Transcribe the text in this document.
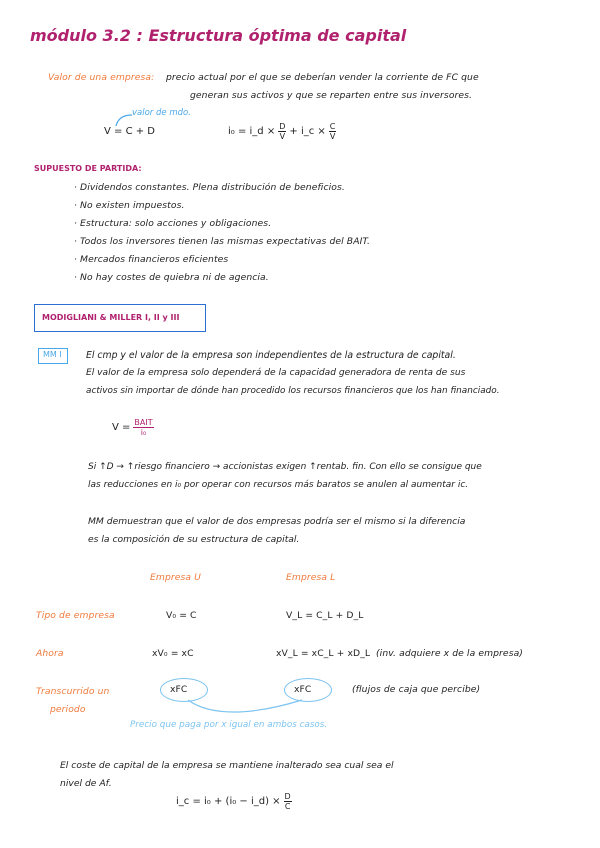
módulo 3.2 : Estructura óptima de capital
Valor de una empresa: precio actual por el que se deberían vender la corriente de FC que
generan sus activos y que se reparten entre sus inversores.
valor de mdo.
V = C + D	i₀ = i_d × $\frac{D}{V}$ + i_c × $\frac{C}{V}$
SUPUESTO DE PARTIDA:
· Dividendos constantes. Plena distribución de beneficios.
· No existen impuestos.
· Estructura: solo acciones y obligaciones.
· Todos los inversores tienen las mismas expectativas del BAIT.
· Mercados financieros eficientes
· No hay costes de quiebra ni de agencia.
MODIGLIANI & MILLER I, II y III
MM I	El cmp y el valor de la empresa son independientes de la estructura de capital.
El valor de la empresa solo dependerá de la capacidad generadora de renta de sus
activos sin importar de dónde han procedido los recursos financieros que los han financiado.
$V = \frac{\text{BAIT}}{\text{i₀}}$
Si ↑D → ↑riesgo financiero → accionistas exigen ↑rentab. fin. Con ello se consigue que
las reducciones en i₀ por operar con recursos más baratos se anulen al aumentar ic.
MM demuestran que el valor de dos empresas podría ser el mismo si la diferencia
es la composición de su estructura de capital.
Empresa U	Empresa L
Tipo de empresa	V₀ = C	V_L = C_L + D_L
Ahora	xV₀ = xC	xV_L = xC_L + xD_L (inv. adquiere x de la empresa)
Transcurrido un
periodo
xFC	xFC	(flujos de caja que percibe)
Precio que paga por x igual en ambos casos.
El coste de capital de la empresa se mantiene inalterado sea cual sea el
nivel de Af.
i_c = i₀ + (i₀ − i_d) × $\frac{D}{C}$
